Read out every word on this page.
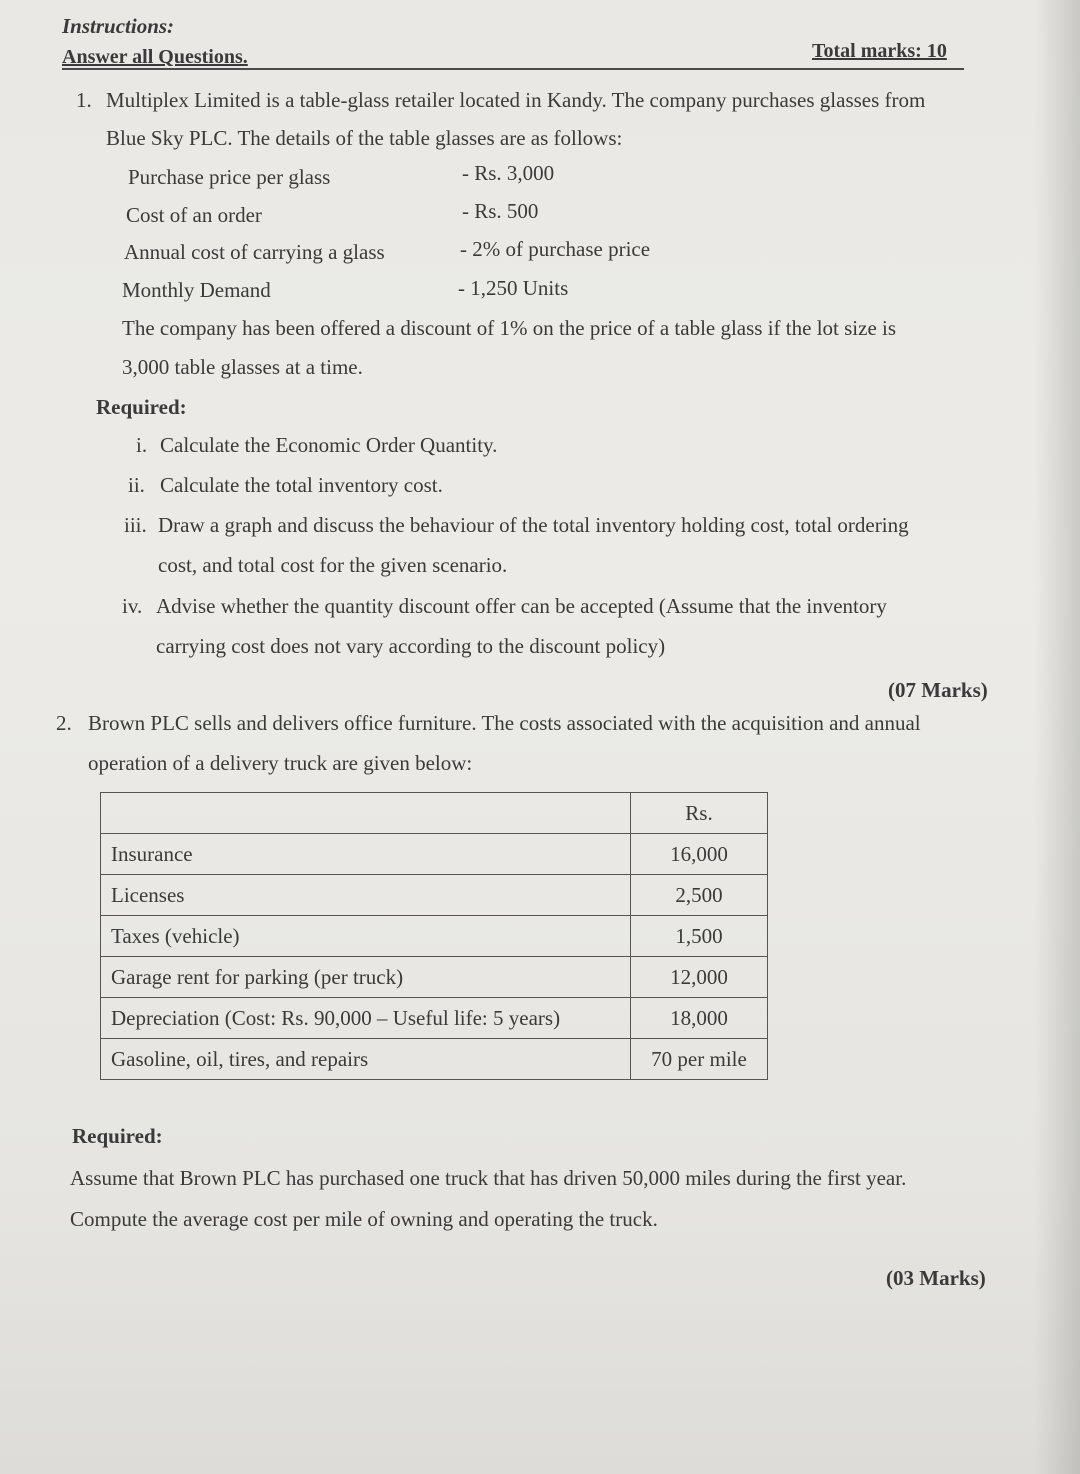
Instructions:
Answer all Questions.	Total marks: 10
1. Multiplex Limited is a table-glass retailer located in Kandy. The company purchases glasses from
Blue Sky PLC. The details of the table glasses are as follows:
Purchase price per glass	- Rs. 3,000
Cost of an order	- Rs. 500
Annual cost of carrying a glass	- 2% of purchase price
Monthly Demand	- 1,250 Units
The company has been offered a discount of 1% on the price of a table glass if the lot size is
3,000 table glasses at a time.
Required:
i. Calculate the Economic Order Quantity.
ii. Calculate the total inventory cost.
iii. Draw a graph and discuss the behaviour of the total inventory holding cost, total ordering
cost, and total cost for the given scenario.
iv. Advise whether the quantity discount offer can be accepted (Assume that the inventory
carrying cost does not vary according to the discount policy)
(07 Marks)
2. Brown PLC sells and delivers office furniture. The costs associated with the acquisition and annual
operation of a delivery truck are given below:
	Rs.
Insurance	16,000
Licenses	2,500
Taxes (vehicle)	1,500
Garage rent for parking (per truck)	12,000
Depreciation (Cost: Rs. 90,000 – Useful life: 5 years)	18,000
Gasoline, oil, tires, and repairs	70 per mile
Required:
Assume that Brown PLC has purchased one truck that has driven 50,000 miles during the first year.
Compute the average cost per mile of owning and operating the truck.
(03 Marks)
